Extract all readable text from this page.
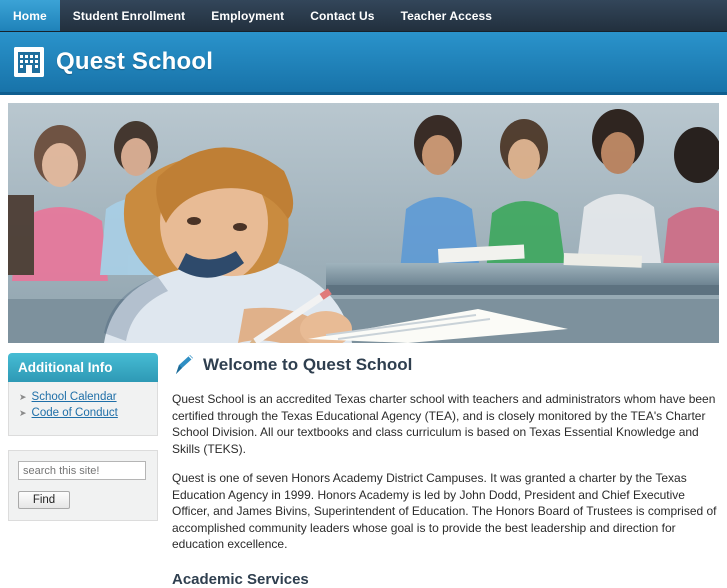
Home Student Enrollment Employment Contact Us Teacher Access
Quest School
Additional Info
➤ School Calendar
➤ Code of Conduct
search this site! Find
Welcome to Quest School

Quest School is an accredited Texas charter school with teachers and administrators whom have been certified through the Texas Educational Agency (TEA), and is closely monitored by the TEA's Charter School Division. All our textbooks and class curriculum is based on Texas Essential Knowledge and Skills (TEKS).

Quest is one of seven Honors Academy District Campuses. It was granted a charter by the Texas Education Agency in 1999. Honors Academy is led by John Dodd, President and Chief Executive Officer, and James Bivins, Superintendent of Education. The Honors Board of Trustees is comprised of accomplished community leaders whose goal is to provide the best leadership and direction for education excellence.

Academic Services
